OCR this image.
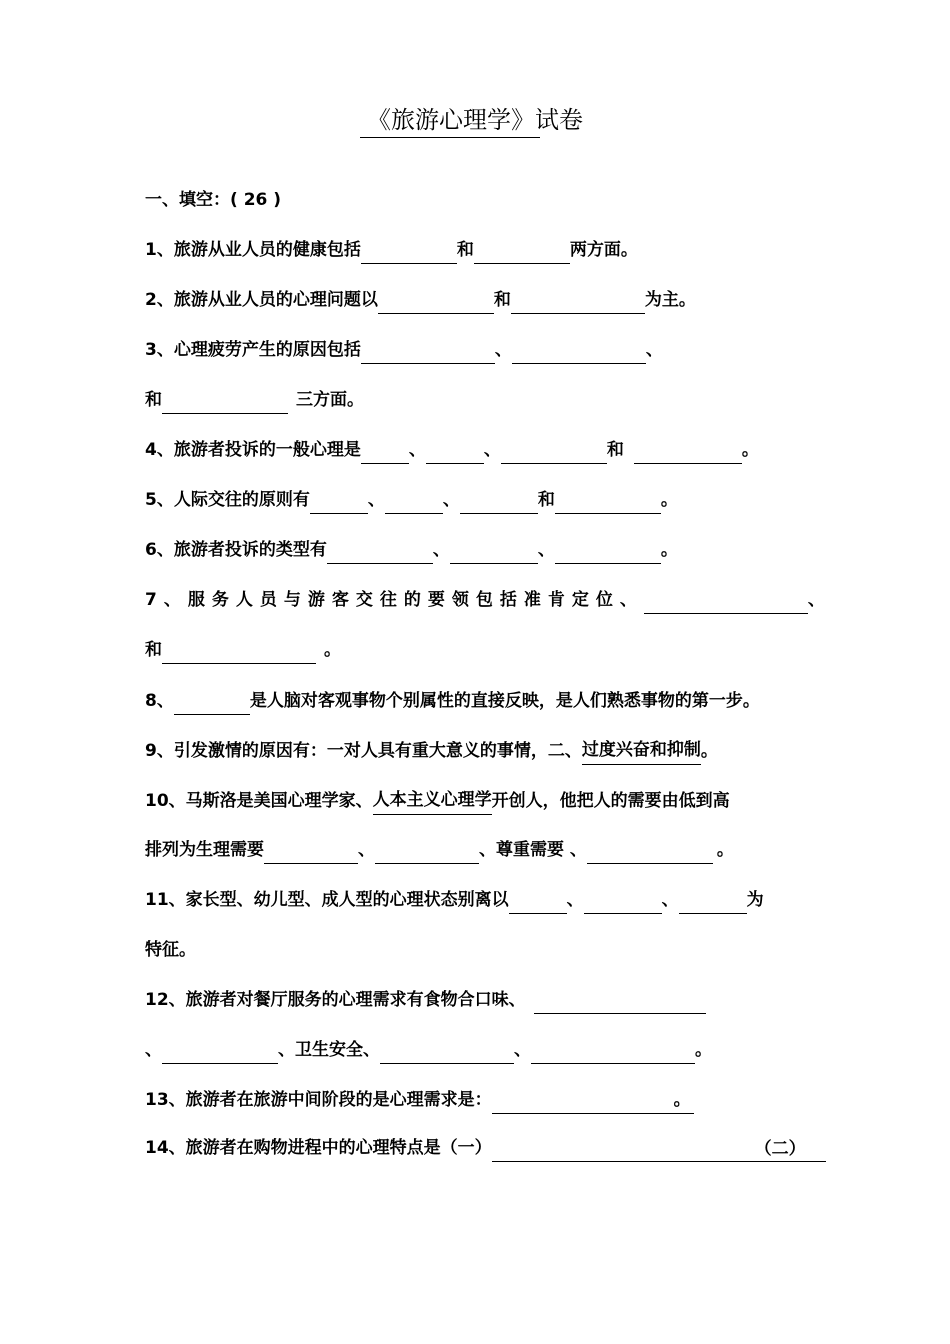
《旅游心理学》试卷
一、填空：( 26 )
1、旅游从业人员的健康包括	和	两方面。
2、旅游从业人员的心理问题以	和	为主。
3、心理疲劳产生的原因包括	、	、
和	三方面。
4、旅游者投诉的一般心理是	、	、	和	。
5、人际交往的原则有	、	、	和	。
6、旅游者投诉的类型有	、	、	。
7、服务人员与游客交往的要领包括准肯定位、	、
和	。
8、	是人脑对客观事物个别属性的直接反映，是人们熟悉事物的第一步。
9、引发激情的原因有：一对人具有重大意义的事情，二、过度兴奋和抑制。
10、马斯洛是美国心理学家、人本主义心理学开创人，他把人的需要由低到高
排列为生理需要	、	、尊重需要 、	。
11、家长型、幼儿型、成人型的心理状态别离以	、	、	为
特征。
12、旅游者对餐厅服务的心理需求有食物合口味、
、	、卫生安全、	、	。
13、旅游者在旅游中间阶段的是心理需求是：	。
14、旅游者在购物进程中的心理特点是（一）	（二）
